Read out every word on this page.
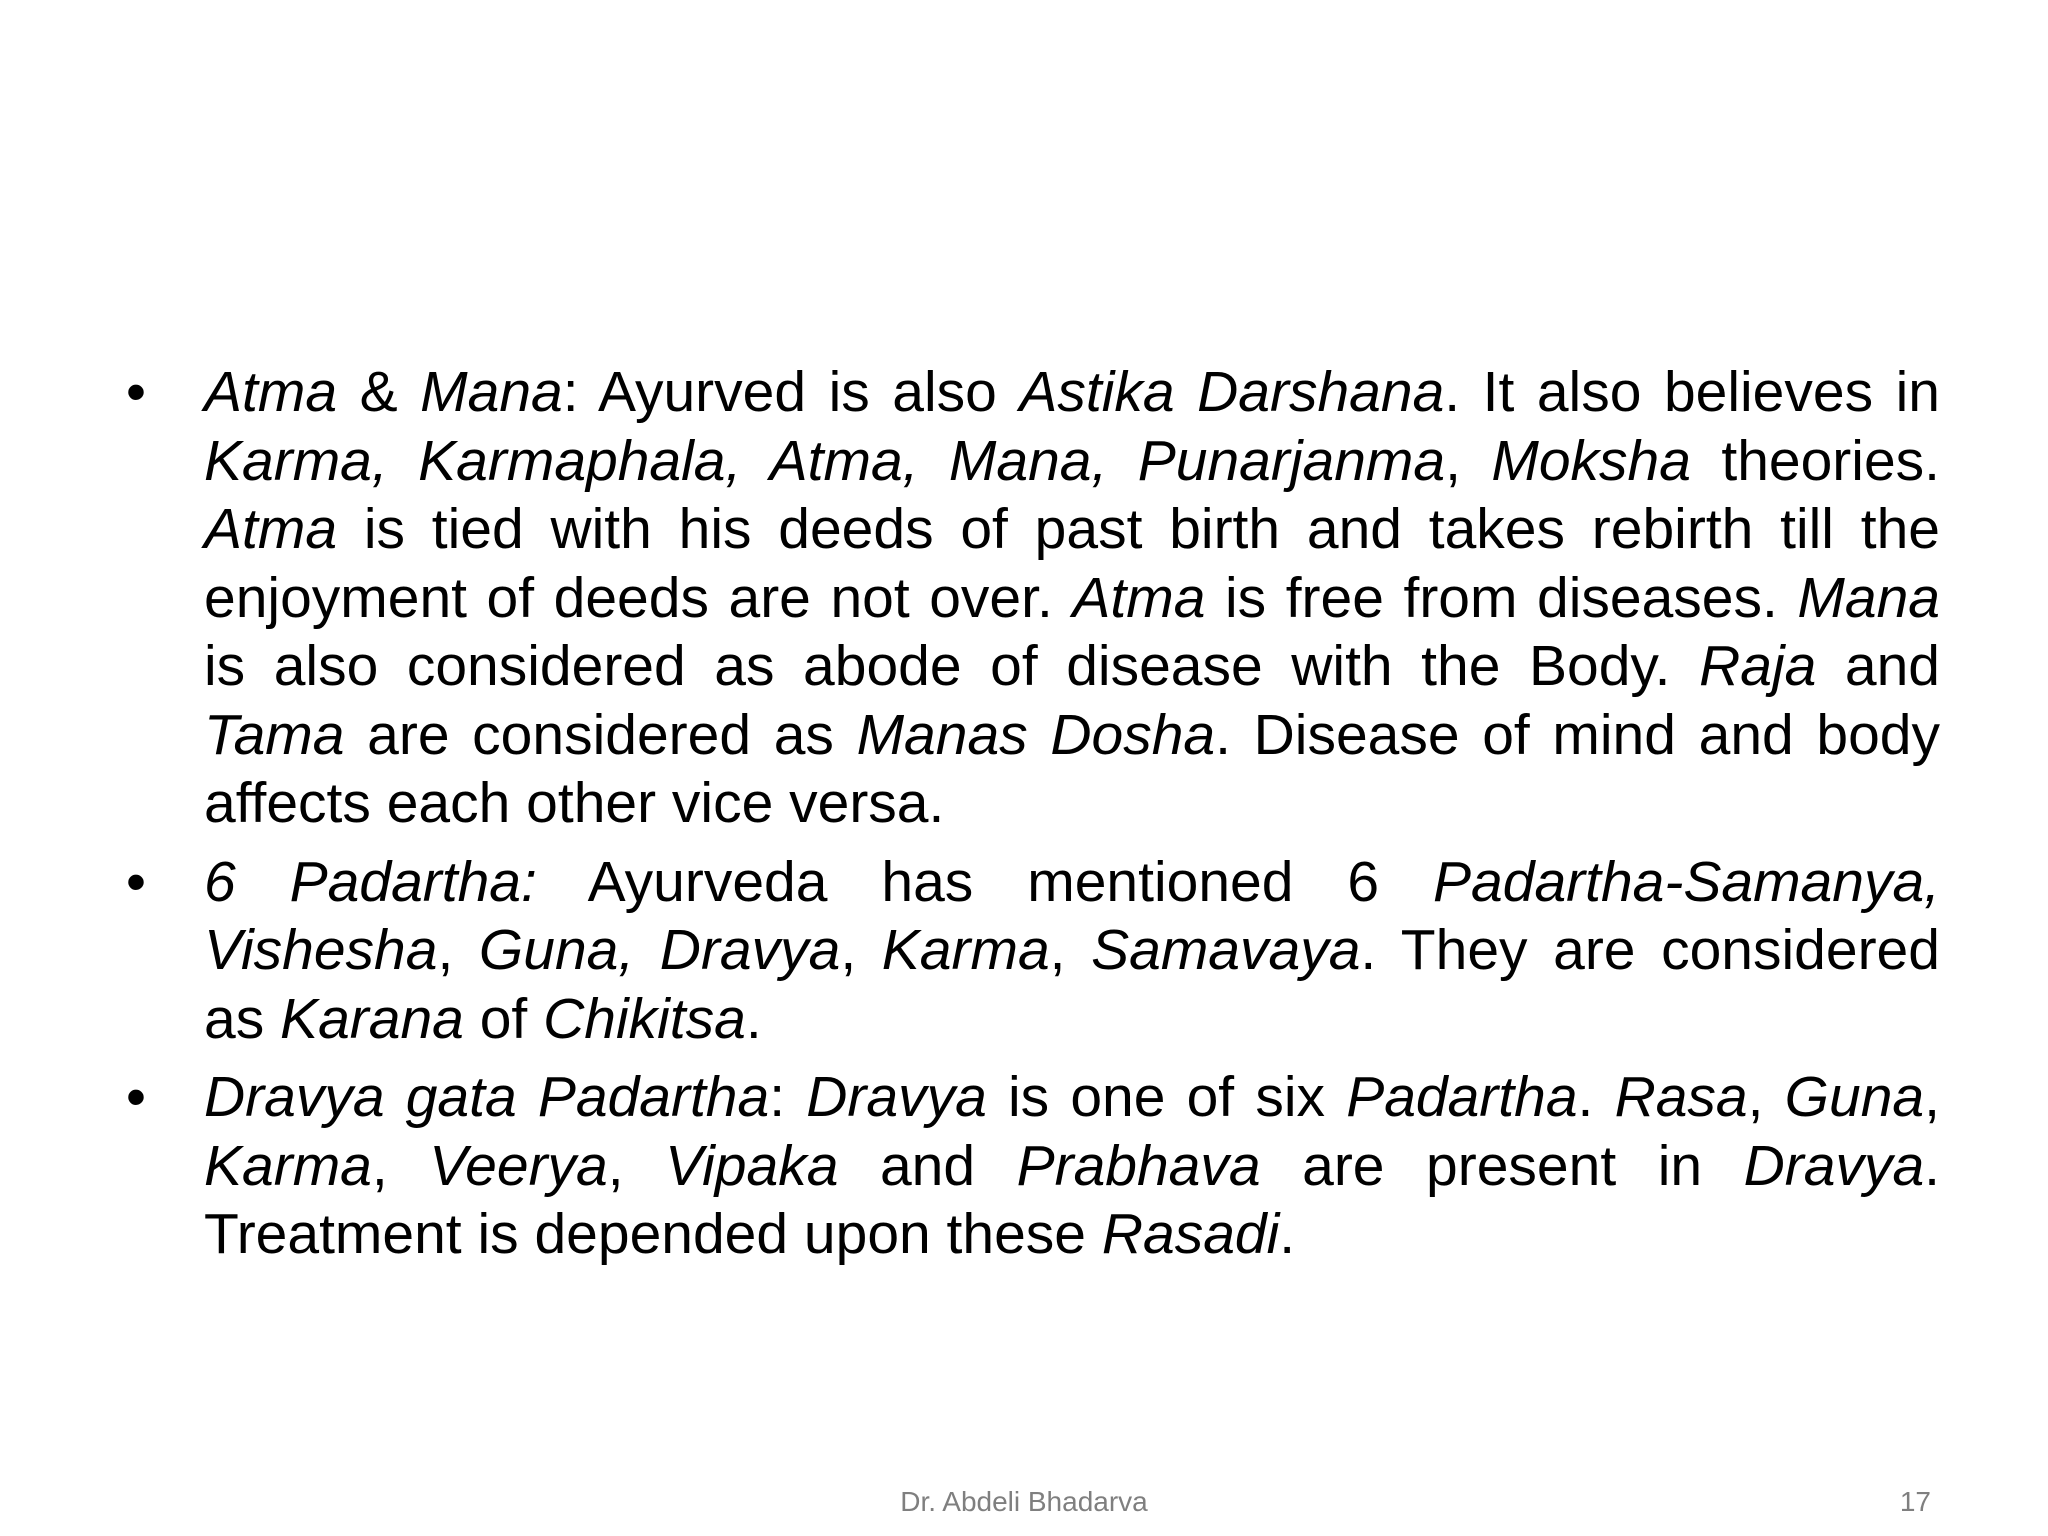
• Atma & Mana: Ayurved is also Astika Darshana. It also believes in Karma, Karmaphala, Atma, Mana, Punarjanma, Moksha theories. Atma is tied with his deeds of past birth and takes rebirth till the enjoyment of deeds are not over. Atma is free from diseases. Mana is also considered as abode of disease with the Body. Raja and Tama are considered as Manas Dosha. Disease of mind and body affects each other vice versa.
• 6 Padartha: Ayurveda has mentioned 6 Padartha-Samanya, Vishesha, Guna, Dravya, Karma, Samavaya. They are considered as Karana of Chikitsa.
• Dravya gata Padartha: Dravya is one of six Padartha. Rasa, Guna, Karma, Veerya, Vipaka and Prabhava are present in Dravya. Treatment is depended upon these Rasadi.
Dr. Abdeli Bhadarva	17
